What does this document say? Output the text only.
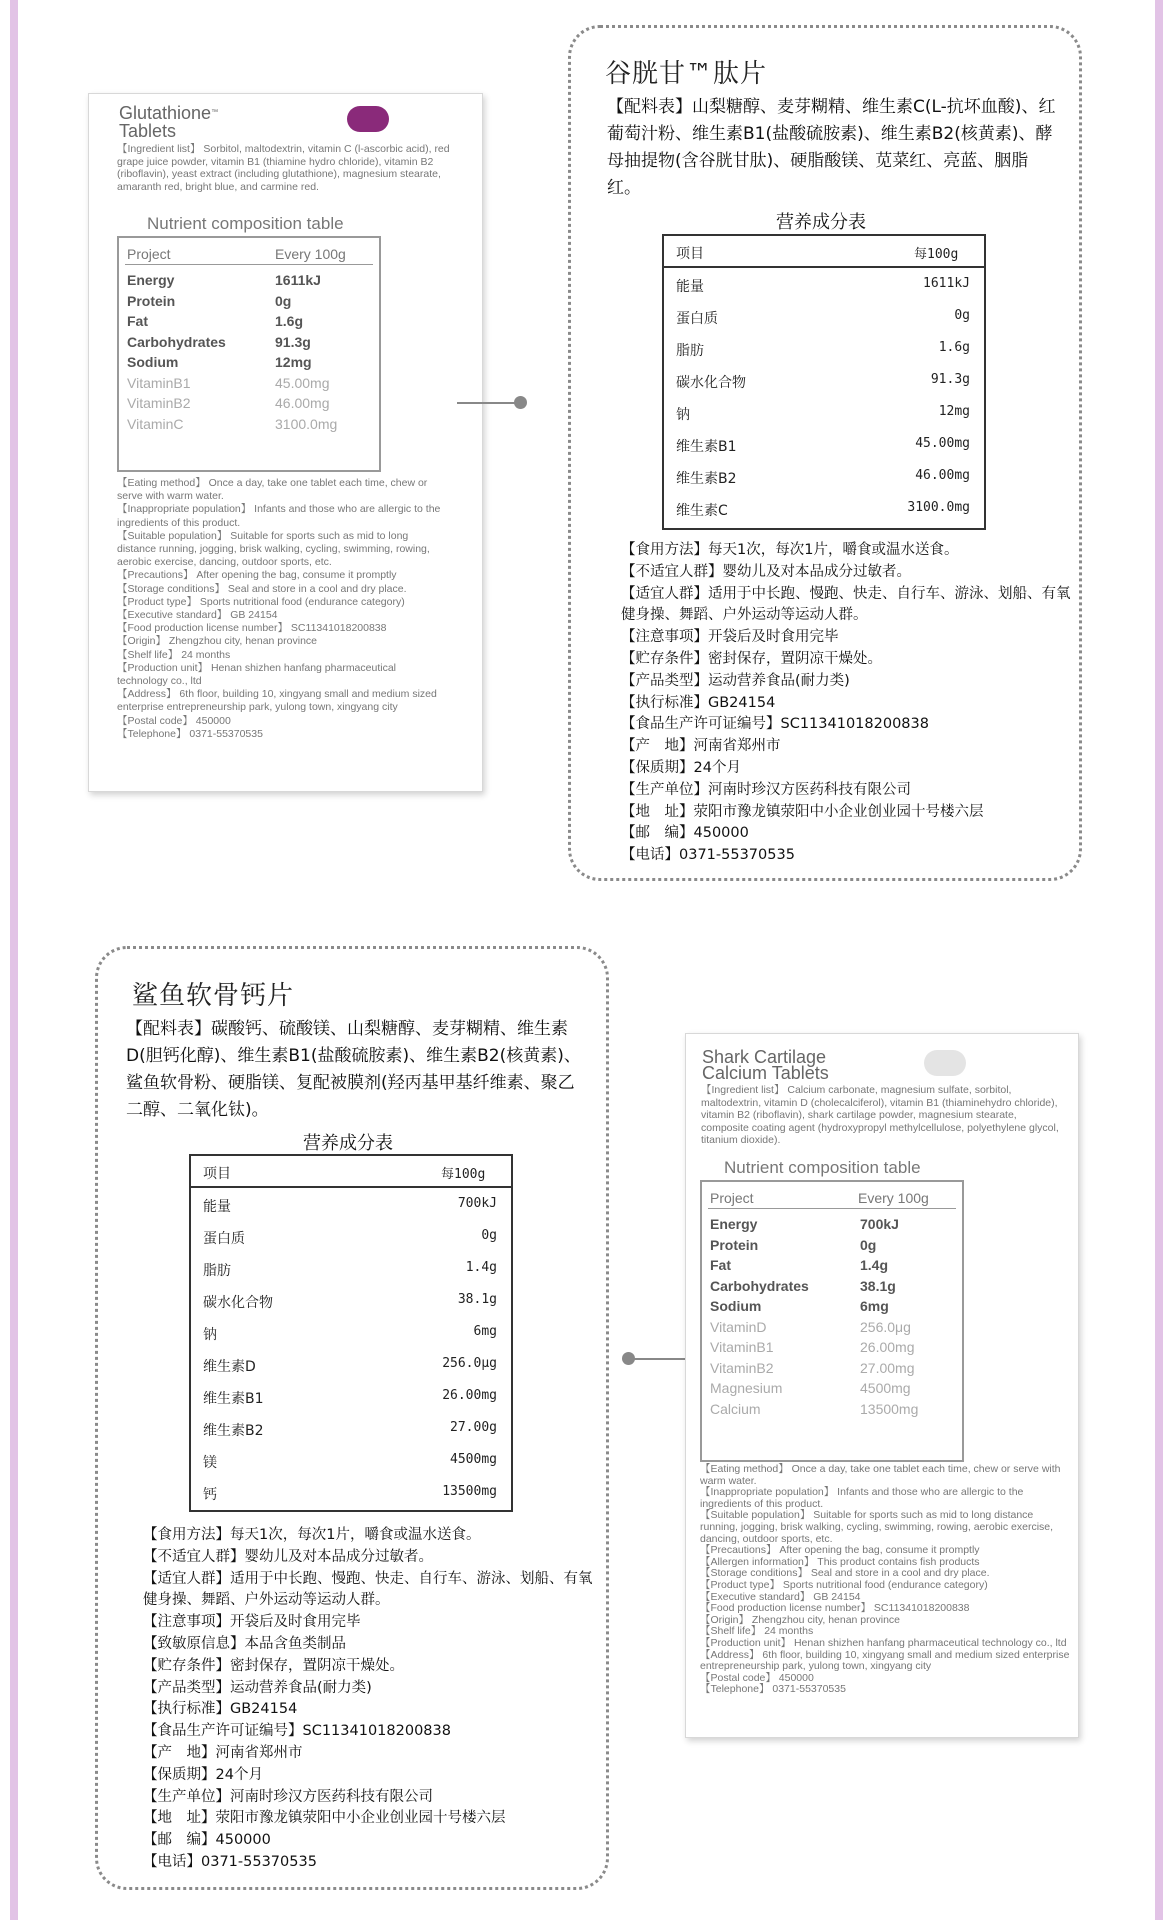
Glutathione™
Tablets
【Ingredient list】 Sorbitol, maltodextrin, vitamin C (l-ascorbic acid), red grape juice powder, vitamin B1 (thiamine hydro chloride), vitamin B2 (riboflavin), yeast extract (including glutathione), magnesium stearate, amaranth red, bright blue, and carmine red.
Nutrient composition table
Project	Every 100g
Energy	1611kJ
Protein	0g
Fat	1.6g
Carbohydrates	91.3g
Sodium	12mg
VitaminB1	45.00mg
VitaminB2	46.00mg
VitaminC	3100.0mg
【Eating method】 Once a day, take one tablet each time, chew or serve with warm water.
【Inappropriate population】 Infants and those who are allergic to the ingredients of this product.
【Suitable population】 Suitable for sports such as mid to long distance running, jogging, brisk walking, cycling, swimming, rowing, aerobic exercise, dancing, outdoor sports, etc.
【Precautions】 After opening the bag, consume it promptly
【Storage conditions】 Seal and store in a cool and dry place.
【Product type】 Sports nutritional food (endurance category)
【Executive standard】 GB 24154
【Food production license number】 SC11341018200838
【Origin】 Zhengzhou city, henan province
【Shelf life】 24 months
【Production unit】 Henan shizhen hanfang pharmaceutical technology co., ltd
【Address】 6th floor, building 10, xingyang small and medium sized enterprise entrepreneurship park, yulong town, xingyang city
【Postal code】 450000
【Telephone】 0371-55370535
谷胱甘™肽片
【配料表】山梨糖醇、麦芽糊精、维生素C(L-抗坏血酸)、红葡萄汁粉、维生素B1(盐酸硫胺素)、维生素B2(核黄素)、酵母抽提物(含谷胱甘肽)、硬脂酸镁、苋菜红、亮蓝、胭脂红。
营养成分表
项目	每100g
能量	1611kJ
蛋白质	0g
脂肪	1.6g
碳水化合物	91.3g
钠	12mg
维生素B1	45.00mg
维生素B2	46.00mg
维生素C	3100.0mg
【食用方法】每天1次，每次1片，嚼食或温水送食。
【不适宜人群】婴幼儿及对本品成分过敏者。
【适宜人群】适用于中长跑、慢跑、快走、自行车、游泳、划船、有氧健身操、舞蹈、户外运动等运动人群。
【注意事项】开袋后及时食用完毕
【贮存条件】密封保存，置阴凉干燥处。
【产品类型】运动营养食品(耐力类)
【执行标准】GB24154
【食品生产许可证编号】SC11341018200838
【产　地】河南省郑州市
【保质期】24个月
【生产单位】河南时珍汉方医药科技有限公司
【地　址】荥阳市豫龙镇荥阳中小企业创业园十号楼六层
【邮　编】450000
【电话】0371-55370535
鲨鱼软骨钙片
【配料表】碳酸钙、硫酸镁、山梨糖醇、麦芽糊精、维生素D(胆钙化醇)、维生素B1(盐酸硫胺素)、维生素B2(核黄素)、鲨鱼软骨粉、硬脂镁、复配被膜剂(羟丙基甲基纤维素、聚乙二醇、二氧化钛)。
营养成分表
项目	每100g
能量	700kJ
蛋白质	0g
脂肪	1.4g
碳水化合物	38.1g
钠	6mg
维生素D	256.0μg
维生素B1	26.00mg
维生素B2	27.00g
镁	4500mg
钙	13500mg
【食用方法】每天1次，每次1片，嚼食或温水送食。
【不适宜人群】婴幼儿及对本品成分过敏者。
【适宜人群】适用于中长跑、慢跑、快走、自行车、游泳、划船、有氧健身操、舞蹈、户外运动等运动人群。
【注意事项】开袋后及时食用完毕
【致敏原信息】本品含鱼类制品
【贮存条件】密封保存，置阴凉干燥处。
【产品类型】运动营养食品(耐力类)
【执行标准】GB24154
【食品生产许可证编号】SC11341018200838
【产　地】河南省郑州市
【保质期】24个月
【生产单位】河南时珍汉方医药科技有限公司
【地　址】荥阳市豫龙镇荥阳中小企业创业园十号楼六层
【邮　编】450000
【电话】0371-55370535
Shark Cartilage
Calcium Tablets
【Ingredient list】 Calcium carbonate, magnesium sulfate, sorbitol, maltodextrin, vitamin D (cholecalciferol), vitamin B1 (thiaminehydro chloride), vitamin B2 (riboflavin), shark cartilage powder, magnesium stearate, composite coating agent (hydroxypropyl methylcellulose, polyethylene glycol, titanium dioxide).
Nutrient composition table
Project	Every 100g
Energy	700kJ
Protein	0g
Fat	1.4g
Carbohydrates	38.1g
Sodium	6mg
VitaminD	256.0μg
VitaminB1	26.00mg
VitaminB2	27.00mg
Magnesium	4500mg
Calcium	13500mg
【Eating method】 Once a day, take one tablet each time, chew or serve with warm water.
【Inappropriate population】 Infants and those who are allergic to the ingredients of this product.
【Suitable population】 Suitable for sports such as mid to long distance running, jogging, brisk walking, cycling, swimming, rowing, aerobic exercise, dancing, outdoor sports, etc.
【Precautions】 After opening the bag, consume it promptly
【Allergen information】 This product contains fish products
【Storage conditions】 Seal and store in a cool and dry place.
【Product type】 Sports nutritional food (endurance category)
【Executive standard】 GB 24154
【Food production license number】 SC11341018200838
【Origin】 Zhengzhou city, henan province
【Shelf life】 24 months
【Production unit】 Henan shizhen hanfang pharmaceutical technology co., ltd
【Address】 6th floor, building 10, xingyang small and medium sized enterprise entrepreneurship park, yulong town, xingyang city
【Postal code】 450000
【Telephone】 0371-55370535
